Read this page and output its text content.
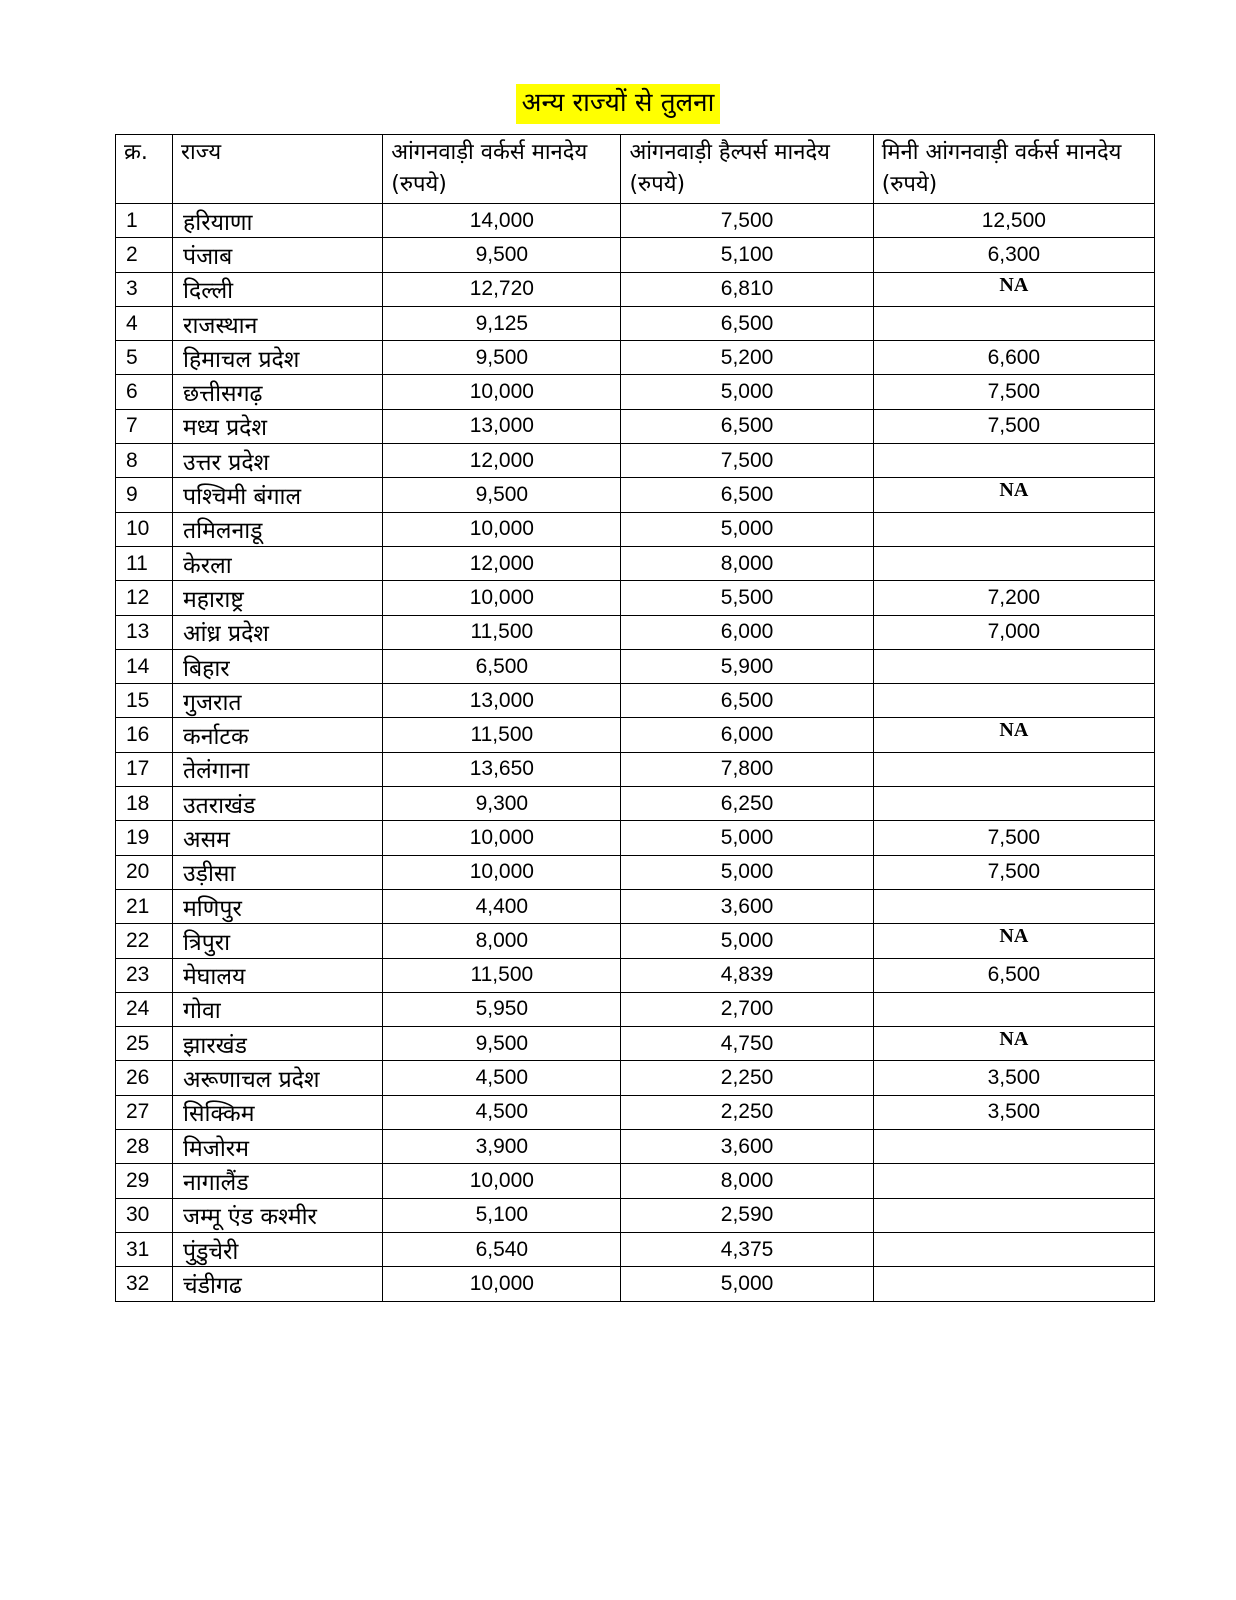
अन्य राज्यों से तुलना
क्र.	राज्य	आंगनवाड़ी वर्कर्स मानदेय (रुपये)	आंगनवाड़ी हैल्पर्स मानदेय (रुपये)	मिनी आंगनवाड़ी वर्कर्स मानदेय (रुपये)

1	हरियाणा	14,000	7,500	12,500
2	पंजाब	9,500	5,100	6,300
3	दिल्ली	12,720	6,810	NA
4	राजस्थान	9,125	6,500	
5	हिमाचल प्रदेश	9,500	5,200	6,600
6	छत्तीसगढ़	10,000	5,000	7,500
7	मध्य प्रदेश	13,000	6,500	7,500
8	उत्तर प्रदेश	12,000	7,500	
9	पश्चिमी बंगाल	9,500	6,500	NA
10	तमिलनाडू	10,000	5,000	
11	केरला	12,000	8,000	
12	महाराष्ट्र	10,000	5,500	7,200
13	आंध्र प्रदेश	11,500	6,000	7,000
14	बिहार	6,500	5,900	
15	गुजरात	13,000	6,500	
16	कर्नाटक	11,500	6,000	NA
17	तेलंगाना	13,650	7,800	
18	उतराखंड	9,300	6,250	
19	असम	10,000	5,000	7,500
20	उड़ीसा	10,000	5,000	7,500
21	मणिपुर	4,400	3,600	
22	त्रिपुरा	8,000	5,000	NA
23	मेघालय	11,500	4,839	6,500
24	गोवा	5,950	2,700	
25	झारखंड	9,500	4,750	NA
26	अरूणाचल प्रदेश	4,500	2,250	3,500
27	सिक्किम	4,500	2,250	3,500
28	मिजोरम	3,900	3,600	
29	नागालैंड	10,000	8,000	
30	जम्मू एंड कश्मीर	5,100	2,590	
31	पुंडुचेरी	6,540	4,375	
32	चंडीगढ	10,000	5,000	
